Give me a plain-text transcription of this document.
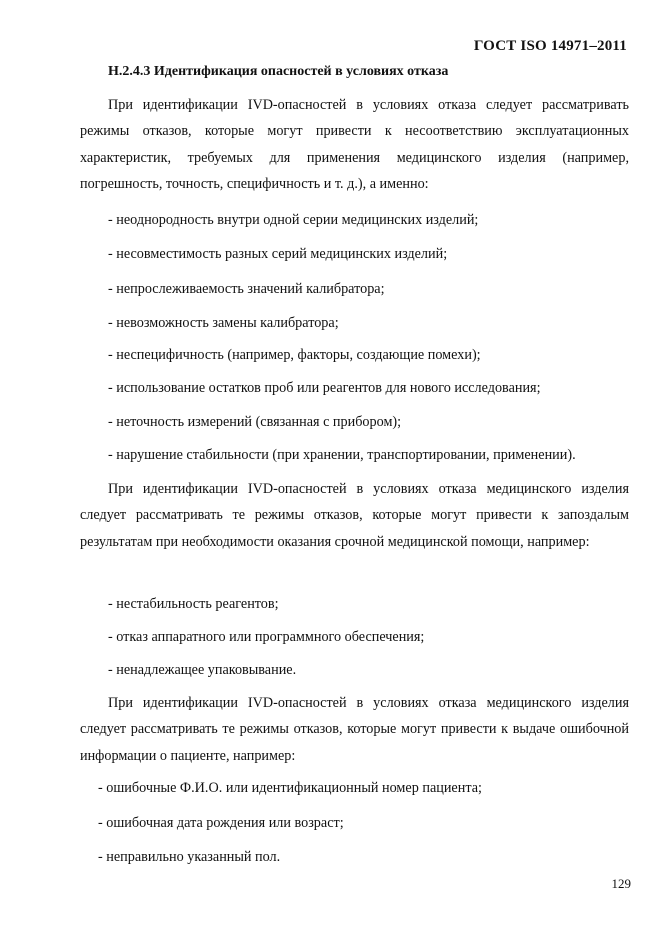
ГОСТ ISO 14971–2011
H.2.4.3 Идентификация опасностей в условиях отказа
При идентификации IVD-опасностей в условиях отказа следует рассматривать режимы отказов, которые могут привести к несоответствию эксплуатационных характеристик, требуемых для применения медицинского изделия (например, погрешность, точность, специфичность и т. д.), а именно:
- неоднородность внутри одной серии медицинских изделий;
- несовместимость разных серий медицинских изделий;
- непрослеживаемость значений калибратора;
- невозможность замены калибратора;
- неспецифичность (например, факторы, создающие помехи);
- использование остатков проб или реагентов для нового исследования;
- неточность измерений (связанная с прибором);
- нарушение стабильности (при хранении, транспортировании, применении).
При идентификации IVD-опасностей в условиях отказа медицинского изделия следует рассматривать те режимы отказов, которые могут привести к запоздалым результатам при необходимости оказания срочной медицинской помощи, например:
- нестабильность реагентов;
- отказ аппаратного или программного обеспечения;
- ненадлежащее упаковывание.
При идентификации IVD-опасностей в условиях отказа медицинского изделия следует рассматривать те режимы отказов, которые могут привести к выдаче ошибочной информации о пациенте, например:
- ошибочные Ф.И.О. или идентификационный номер пациента;
- ошибочная дата рождения или возраст;
- неправильно указанный пол.
129
